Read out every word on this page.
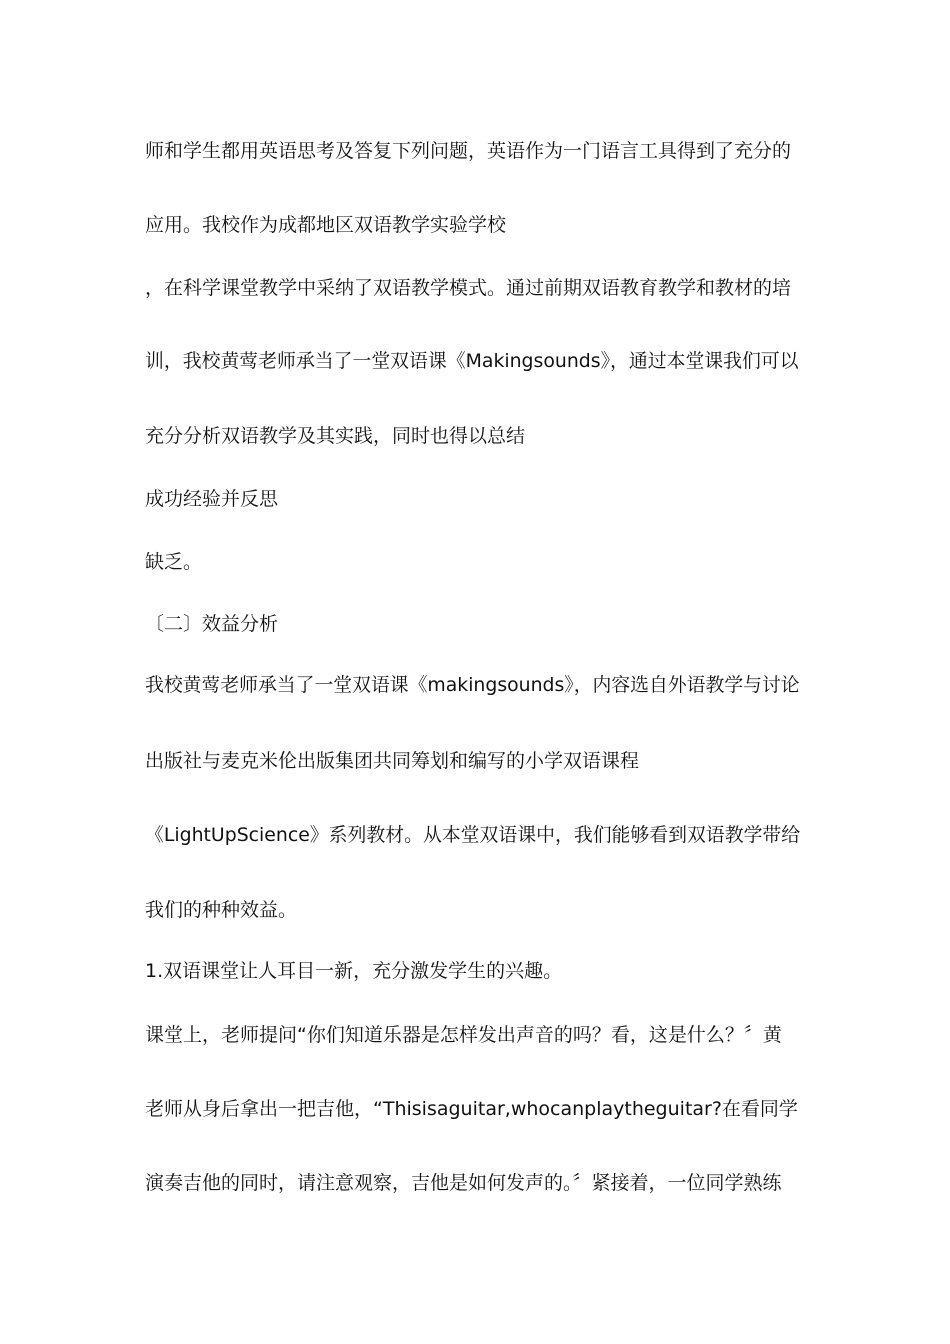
师和学生都用英语思考及答复下列问题，英语作为一门语言工具得到了充分的
应用。我校作为成都地区双语教学实验学校
，在科学课堂教学中采纳了双语教学模式。通过前期双语教育教学和教材的培
训，我校黄莺老师承当了一堂双语课《Makingsounds》，通过本堂课我们可以
充分分析双语教学及其实践，同时也得以总结
成功经验并反思
缺乏。
〔二〕效益分析
我校黄莺老师承当了一堂双语课《makingsounds》，内容选自外语教学与讨论
出版社与麦克米伦出版集团共同筹划和编写的小学双语课程
《LightUpScience》系列教材。从本堂双语课中，我们能够看到双语教学带给
我们的种种效益。
1.双语课堂让人耳目一新，充分激发学生的兴趣。
课堂上，老师提问“你们知道乐器是怎样发出声音的吗？看，这是什么？〞黄
老师从身后拿出一把吉他，“Thisisaguitar,whocanplaytheguitar?在看同学
演奏吉他的同时，请注意观察，吉他是如何发声的。〞紧接着，一位同学熟练
